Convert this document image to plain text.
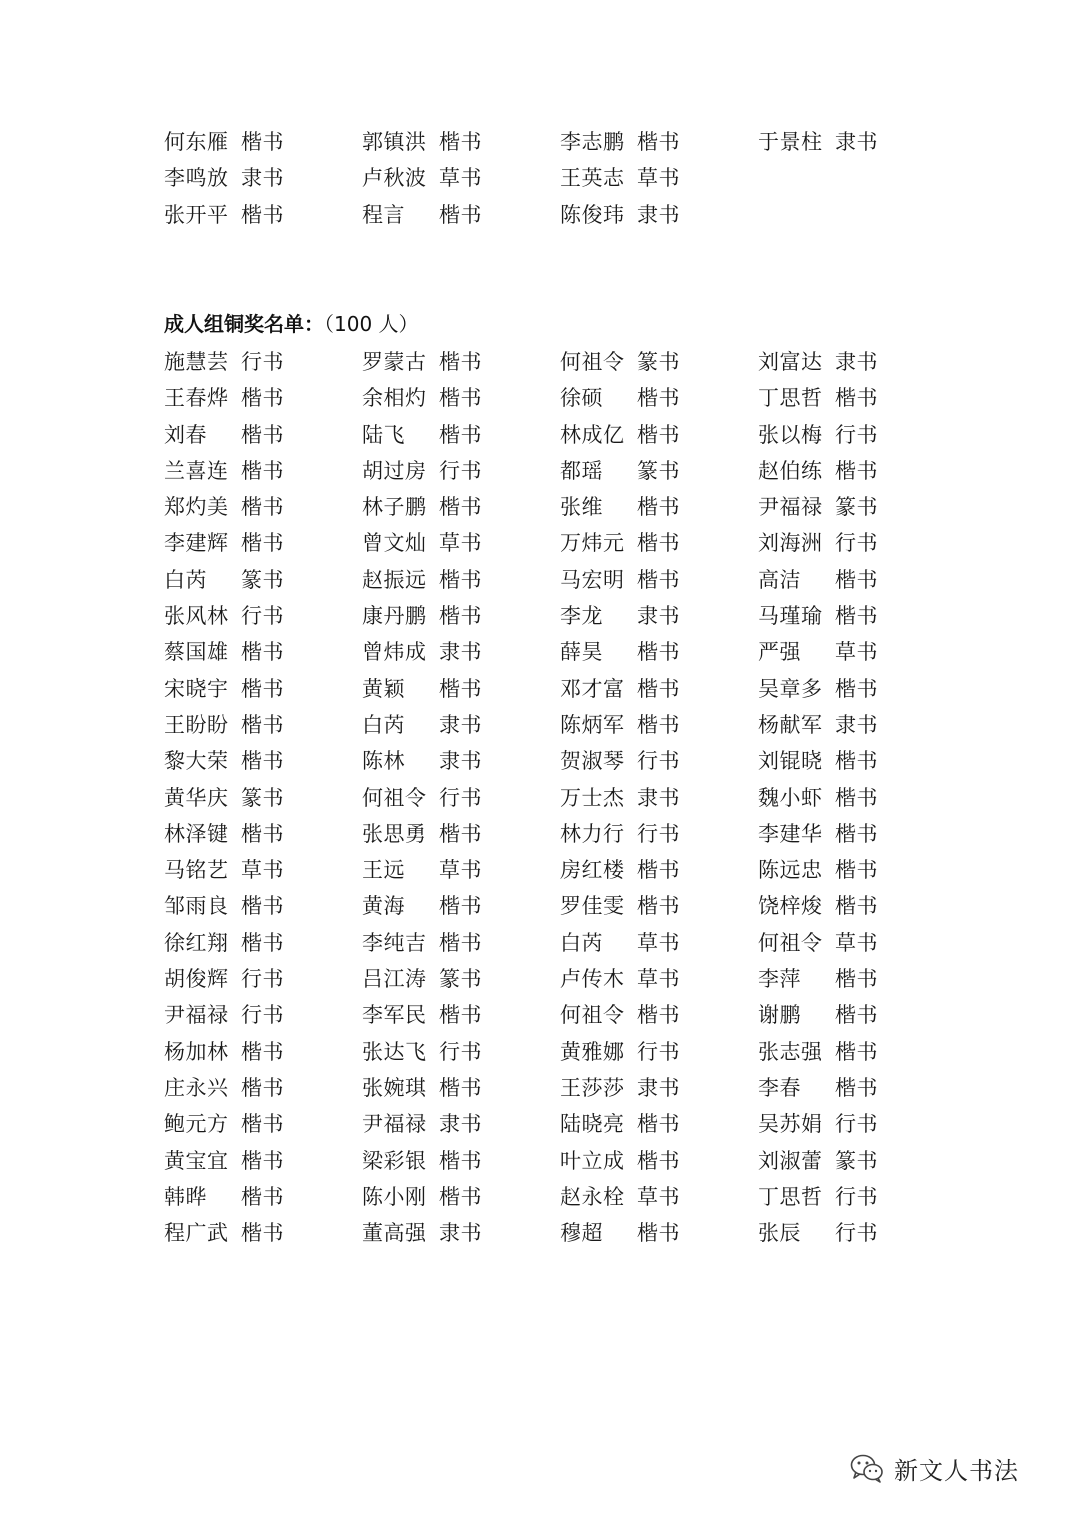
何东雁 楷书	郭镇洪 楷书	李志鹏 楷书	于景柱 隶书
李鸣放 隶书	卢秋波 草书	王英志 草书
张开平 楷书	程言 楷书	陈俊玮 隶书
成人组铜奖名单：（100 人）
施慧芸 行书	罗蒙古 楷书	何祖令 篆书	刘富达 隶书
王春烨 楷书	余相灼 楷书	徐硕 楷书	丁思哲 楷书
刘春 楷书	陆飞 楷书	林成亿 楷书	张以梅 行书
兰喜连 楷书	胡过房 行书	都瑶 篆书	赵伯练 楷书
郑灼美 楷书	林子鹏 楷书	张维 楷书	尹福禄 篆书
李建辉 楷书	曾文灿 草书	万炜元 楷书	刘海洲 行书
白芮 篆书	赵振远 楷书	马宏明 楷书	高洁 楷书
张风林 行书	康丹鹏 楷书	李龙 隶书	马瑾瑜 楷书
蔡国雄 楷书	曾炜成 隶书	薛昊 楷书	严强 草书
宋晓宇 楷书	黄颖 楷书	邓才富 楷书	吴章多 楷书
王盼盼 楷书	白芮 隶书	陈炳军 楷书	杨献军 隶书
黎大荣 楷书	陈林 隶书	贺淑琴 行书	刘锟晓 楷书
黄华庆 篆书	何祖令 行书	万士杰 隶书	魏小虾 楷书
林泽键 楷书	张思勇 楷书	林力行 行书	李建华 楷书
马铭艺 草书	王远 草书	房红楼 楷书	陈远忠 楷书
邹雨良 楷书	黄海 楷书	罗佳雯 楷书	饶梓焌 楷书
徐红翔 楷书	李纯吉 楷书	白芮 草书	何祖令 草书
胡俊辉 行书	吕江涛 篆书	卢传木 草书	李萍 楷书
尹福禄 行书	李军民 楷书	何祖令 楷书	谢鹏 楷书
杨加林 楷书	张达飞 行书	黄雅娜 行书	张志强 楷书
庄永兴 楷书	张婉琪 楷书	王莎莎 隶书	李春 楷书
鲍元方 楷书	尹福禄 隶书	陆晓亮 楷书	吴苏娟 行书
黄宝宜 楷书	梁彩银 楷书	叶立成 楷书	刘淑蕾 篆书
韩晔 楷书	陈小刚 楷书	赵永栓 草书	丁思哲 行书
程广武 楷书	董高强 隶书	穆超 楷书	张辰 行书
新文人书法
